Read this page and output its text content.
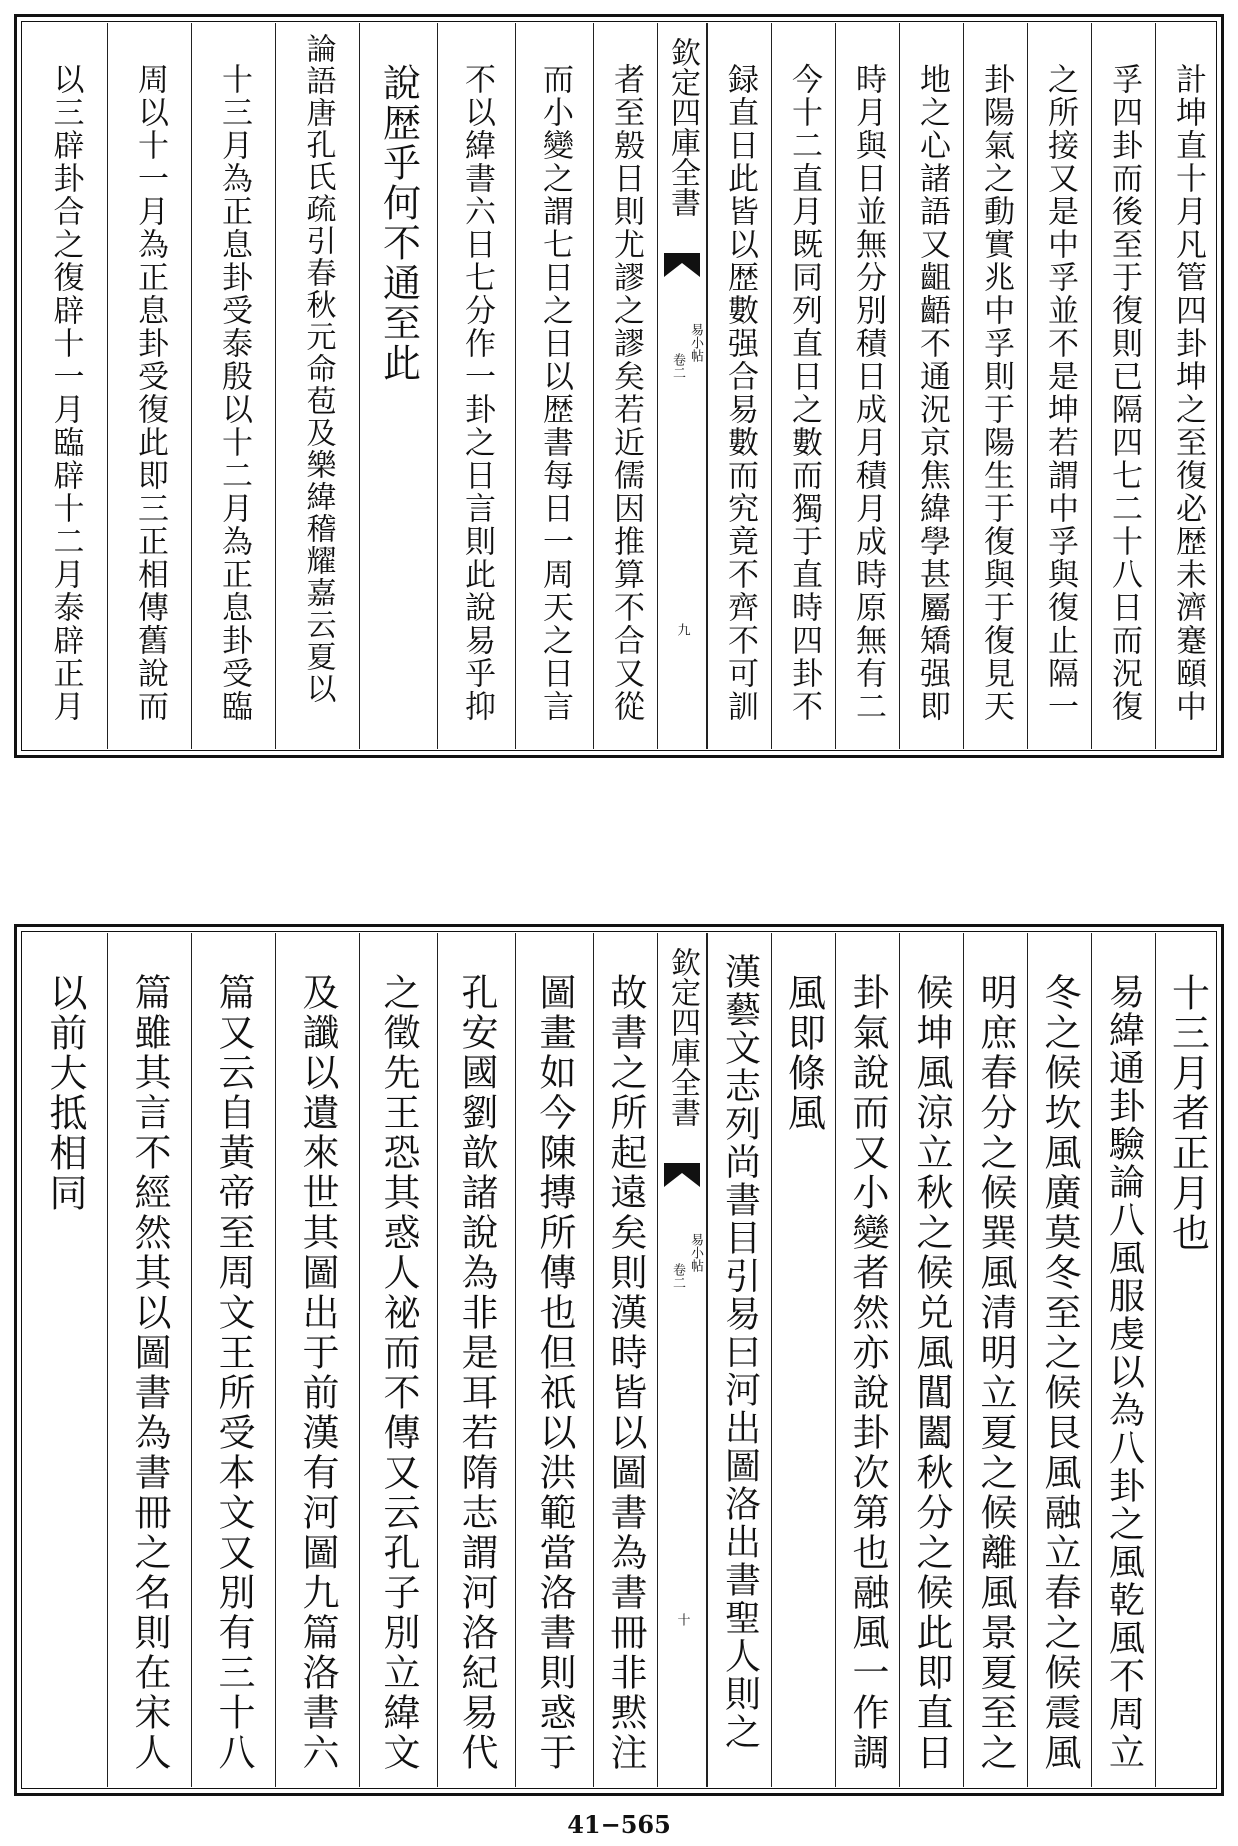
計坤直十月凡管四卦坤之至復必歴未濟蹇頤中
孚四卦而後至于復則已隔四七二十八日而況復
之所接又是中孚並不是坤若謂中孚與復止隔一
卦陽氣之動實兆中孚則于陽生于復與于復見天
地之心諸語又齟齬不通況京焦緯學甚屬矯强即
時月與日並無分別積日成月積月成時原無有二
今十二直月既同列直日之數而獨于直時四卦不
録直日此皆以歴數强合易數而究竟不齊不可訓
欽定四庫全書
易小帖
卷二
九
者至𣪧日則尤謬之謬矣若近儒因推算不合又從
而小變之謂七日之日以歴書每日一周天之日言
不以緯書六日七分作一卦之日言則此說易乎抑
說歴乎何不通至此
論語唐孔氏疏引春秋元命苞及樂緯稽耀嘉云夏以
十三月為正息卦受泰殷以十二月為正息卦受臨
周以十一月為正息卦受復此即三正相傳舊說而
以三辟卦合之復辟十一月臨辟十二月泰辟正月
十三月者正月也
易緯通卦驗論八風服虔以為八卦之風乾風不周立
冬之候坎風廣莫冬至之候艮風融立春之候震風
明庶春分之候巽風清明立夏之候離風景夏至之
候坤風涼立秋之候兑風閶闔秋分之候此即直日
卦氣說而又小變者然亦說卦次第也融風一作調
風即條風
漢藝文志列尚書目引易曰河出圖洛出書聖人則之
欽定四庫全書
易小帖
卷二
十
故書之所起遠矣則漢時皆以圖書為書冊非黙注
圖畫如今陳摶所傳也但祇以洪範當洛書則惑于
孔安國劉歆諸說為非是耳若隋志謂河洛紀易代
之徵先王恐其惑人祕而不傳又云孔子別立緯文
及讖以遺來世其圖出于前漢有河圖九篇洛書六
篇又云自黃帝至周文王所受本文又別有三十八
篇雖其言不經然其以圖書為書冊之名則在宋人
以前大抵相同
41−565
